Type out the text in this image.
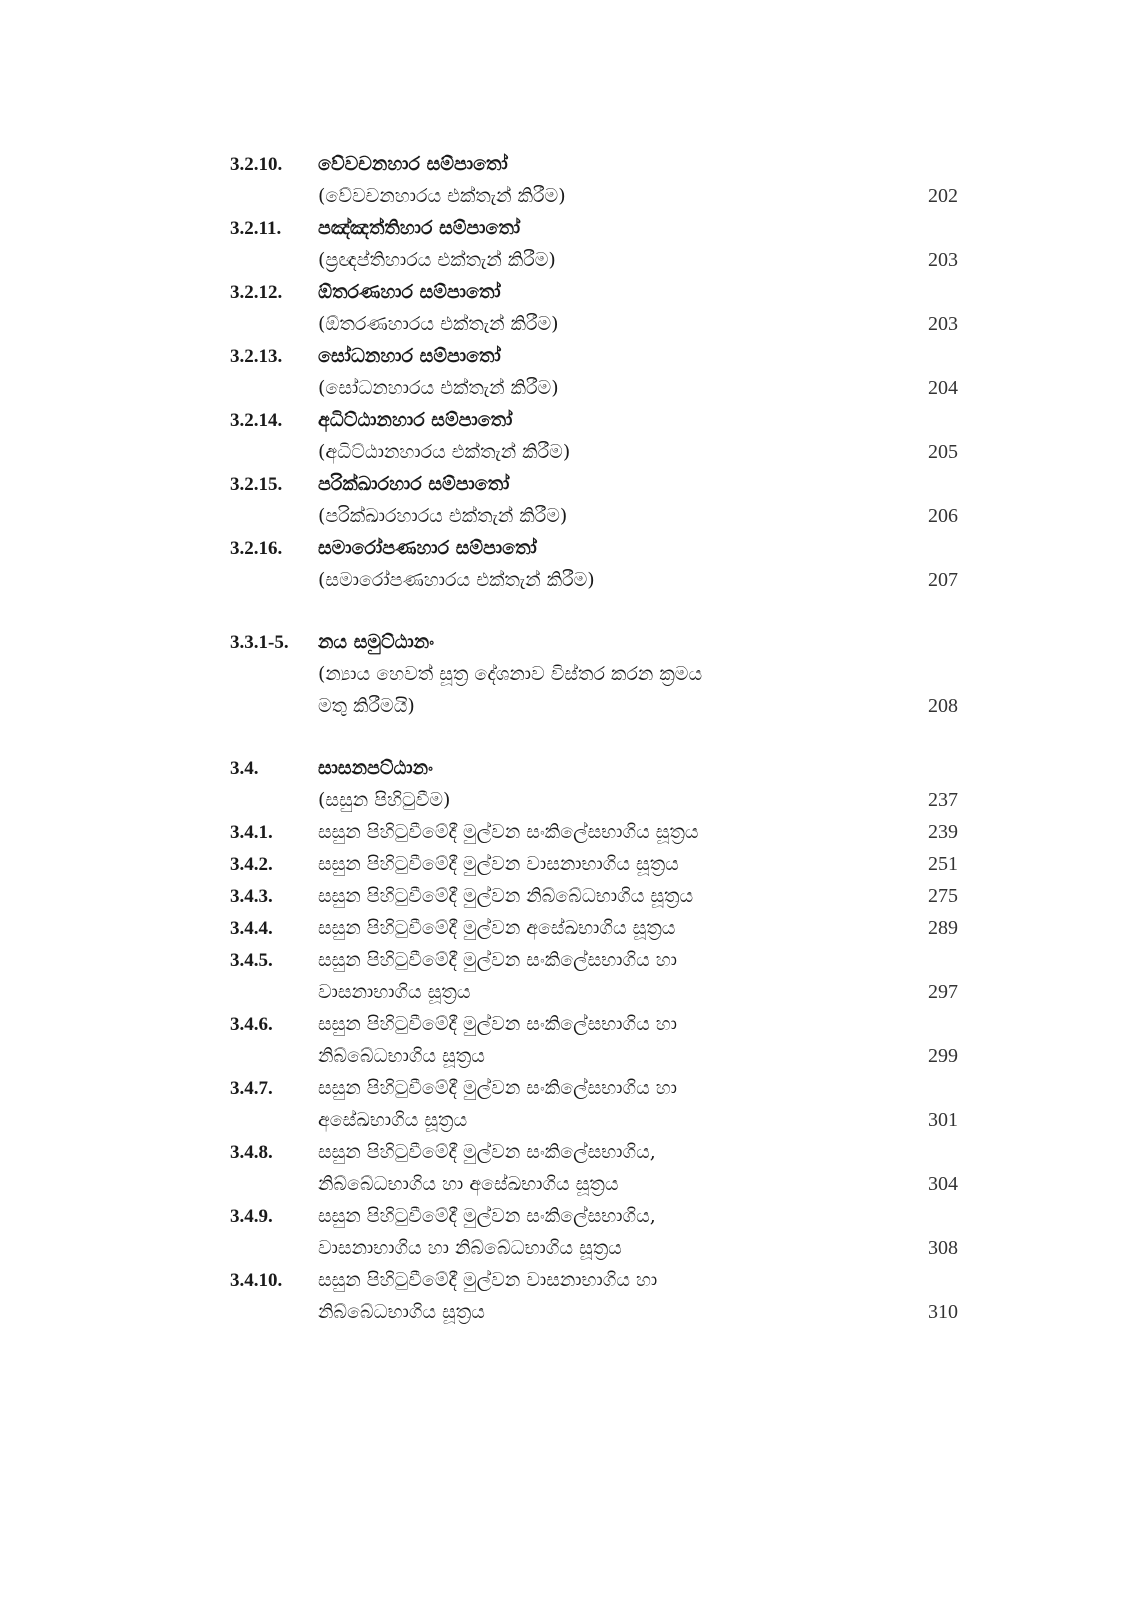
3.2.10.	වේවචනහාර සම්පාතෝ
(වේවචනහාරය එක්තැන් කිරීම)	202
3.2.11.	පඤ්ඤත්තිහාර සම්පාතෝ
(ප්‍රඥප්තිහාරය එක්තැන් කිරීම)	203
3.2.12.	ඕතරණහාර සම්පාතෝ
(ඕතරණහාරය එක්තැන් කිරීම)	203
3.2.13.	සෝධනහාර සම්පාතෝ
(සෝධනහාරය එක්තැන් කිරීම)	204
3.2.14.	අධිට්ඨානහාර සම්පාතෝ
(අධිට්ඨානහාරය එක්තැන් කිරීම)	205
3.2.15.	පරික්ඛාරහාර සම්පාතෝ
(පරික්ඛාරහාරය එක්තැන් කිරීම)	206
3.2.16.	සමාරෝපණහාර සම්පාතෝ
(සමාරෝපණහාරය එක්තැන් කිරීම)	207
3.3.1-5.	නය සමුට්ඨානං
(න්‍යාය හෙවත් සූත්‍ර දේශනාව විස්තර කරන ක්‍රමය
මතු කිරීමයි)	208
3.4.	සාසනපට්ඨානං
(සසුන පිහිටුවීම)	237
3.4.1.	සසුන පිහිටුවීමේදී මුල්වන සංකිලේසභාගිය සූත්‍රය	239
3.4.2.	සසුන පිහිටුවීමේදී මුල්වන වාසනාභාගිය සූත්‍රය	251
3.4.3.	සසුන පිහිටුවීමේදී මුල්වන නිබ්බේධභාගිය සූත්‍රය	275
3.4.4.	සසුන පිහිටුවීමේදී මුල්වන අසේඛභාගිය සූත්‍රය	289
3.4.5.	සසුන පිහිටුවීමේදී මුල්වන සංකිලේසභාගිය හා
වාසනාභාගිය සූත්‍රය	297
3.4.6.	සසුන පිහිටුවීමේදී මුල්වන සංකිලේසභාගිය හා
නිබ්බේධභාගිය සූත්‍රය	299
3.4.7.	සසුන පිහිටුවීමේදී මුල්වන සංකිලේසභාගිය හා
අසේඛභාගිය සූත්‍රය	301
3.4.8.	සසුන පිහිටුවීමේදී මුල්වන සංකිලේසභාගිය,
නිබ්බේධභාගිය හා අසේඛභාගිය සූත්‍රය	304
3.4.9.	සසුන පිහිටුවීමේදී මුල්වන සංකිලේසභාගිය,
වාසනාභාගිය හා නිබ්බේධභාගිය සූත්‍රය	308
3.4.10.	සසුන පිහිටුවීමේදී මුල්වන වාසනාභාගිය හා
නිබ්බේධභාගිය සූත්‍රය	310
